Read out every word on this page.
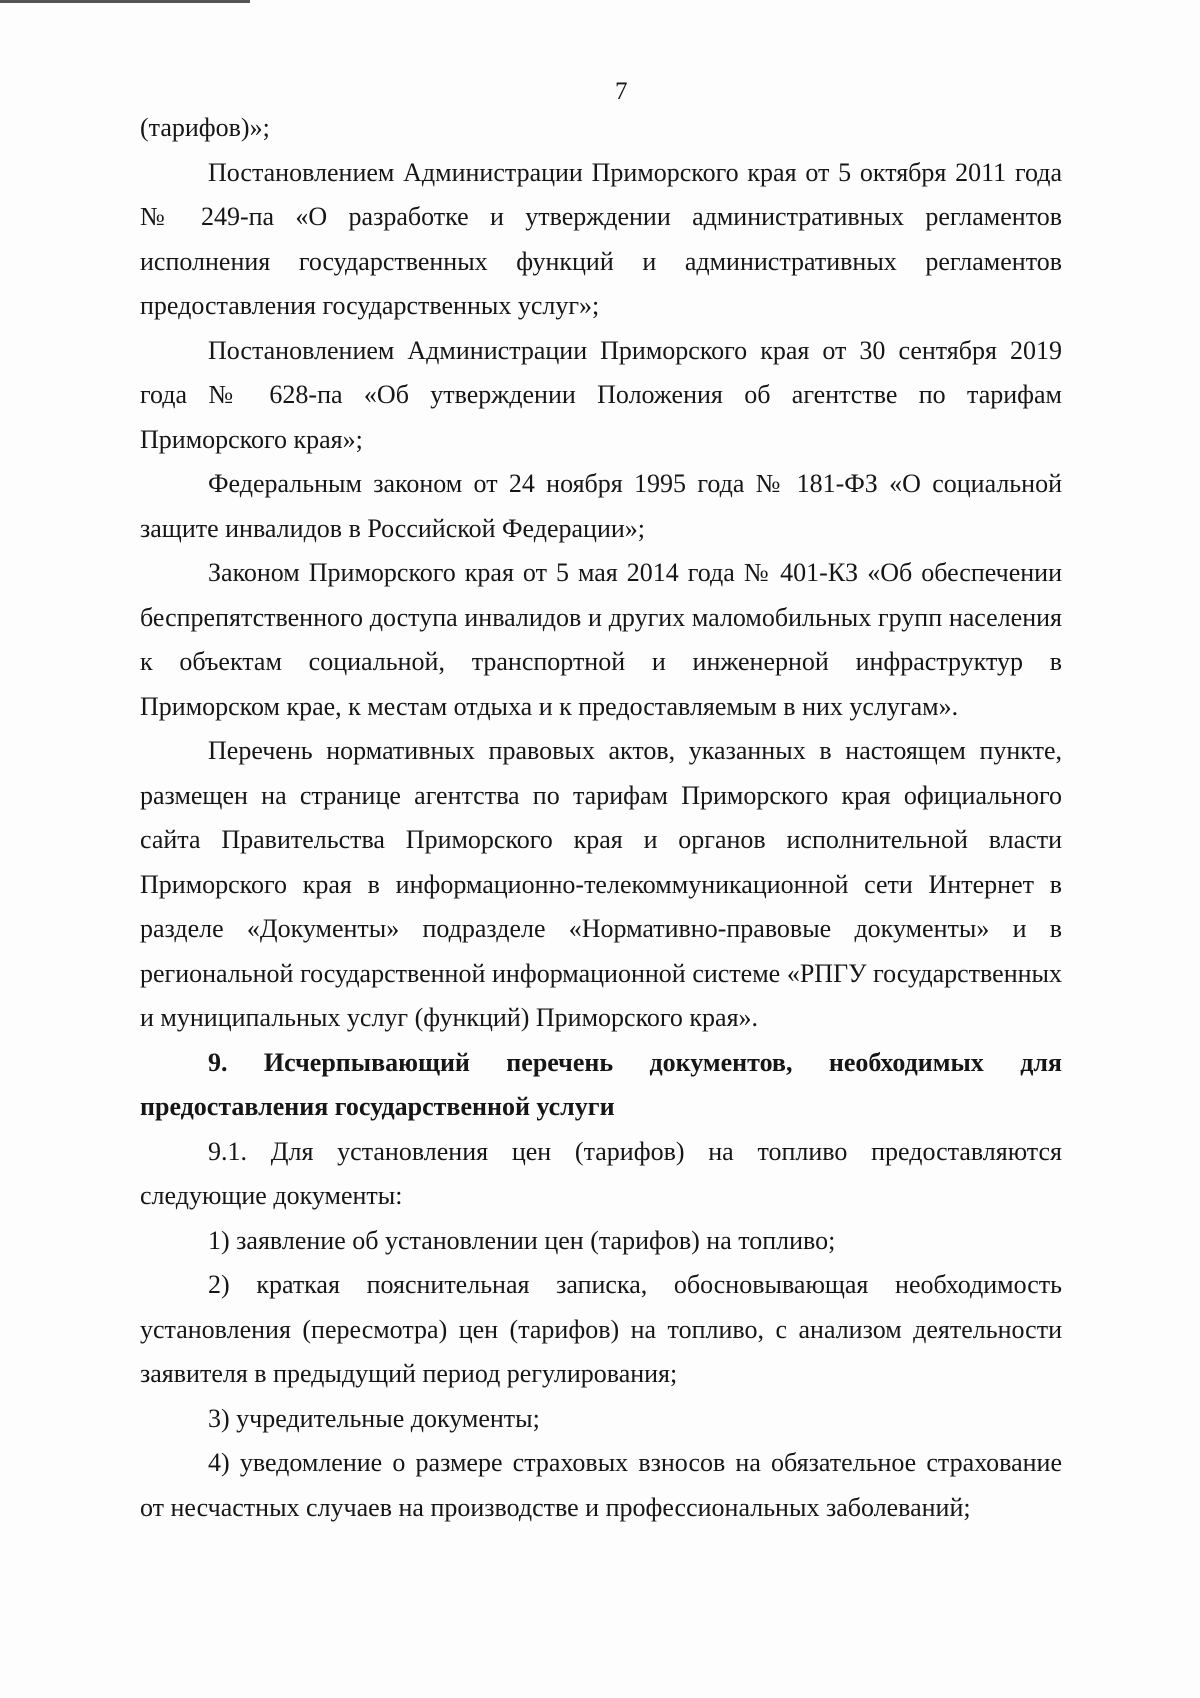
7

(тарифов)»;

Постановлением Администрации Приморского края от 5 октября 2011 года № 249-па «О разработке и утверждении административных регламентов исполнения государственных функций и административных регламентов предоставления государственных услуг»;

Постановлением Администрации Приморского края от 30 сентября 2019 года № 628-па «Об утверждении Положения об агентстве по тарифам Приморского края»;

Федеральным законом от 24 ноября 1995 года № 181-ФЗ «О социальной защите инвалидов в Российской Федерации»;

Законом Приморского края от 5 мая 2014 года № 401-КЗ «Об обеспечении беспрепятственного доступа инвалидов и других маломобильных групп населения к объектам социальной, транспортной и инженерной инфраструктур в Приморском крае, к местам отдыха и к предоставляемым в них услугам».

Перечень нормативных правовых актов, указанных в настоящем пункте, размещен на странице агентства по тарифам Приморского края официального сайта Правительства Приморского края и органов исполнительной власти Приморского края в информационно-телекоммуникационной сети Интернет в разделе «Документы» подразделе «Нормативно-правовые документы» и в региональной государственной информационной системе «РПГУ государственных и муниципальных услуг (функций) Приморского края».

9. Исчерпывающий перечень документов, необходимых для предоставления государственной услуги

9.1. Для установления цен (тарифов) на топливо предоставляются следующие документы:

1) заявление об установлении цен (тарифов) на топливо;

2) краткая пояснительная записка, обосновывающая необходимость установления (пересмотра) цен (тарифов) на топливо, с анализом деятельности заявителя в предыдущий период регулирования;

3) учредительные документы;

4) уведомление о размере страховых взносов на обязательное страхование от несчастных случаев на производстве и профессиональных заболеваний;
